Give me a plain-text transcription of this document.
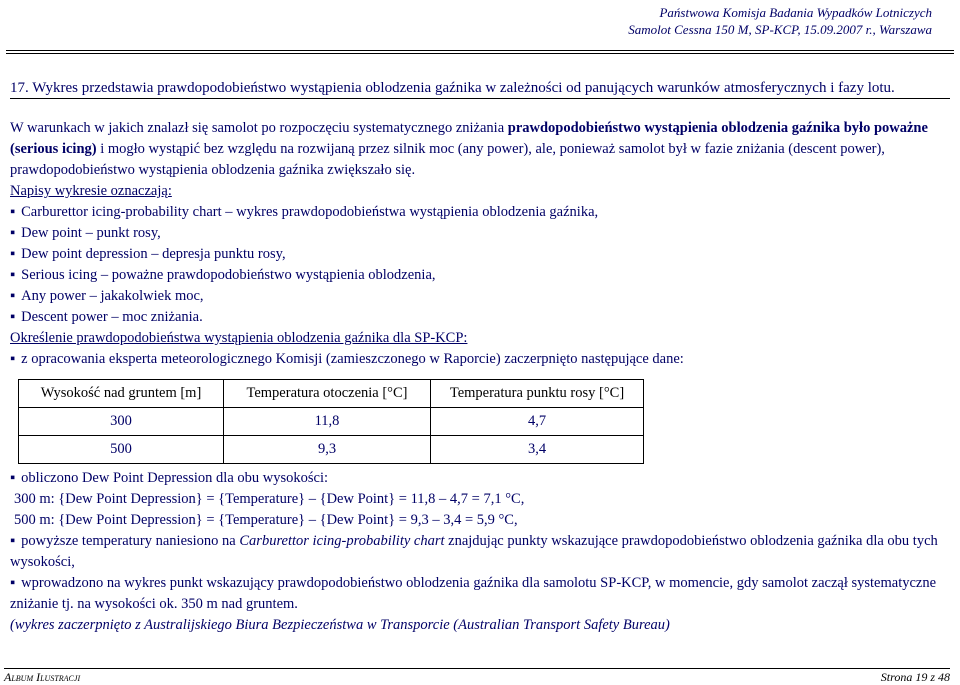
Państwowa Komisja Badania Wypadków Lotniczych
Samolot Cessna 150 M, SP-KCP, 15.09.2007 r., Warszawa
17. Wykres przedstawia prawdopodobieństwo wystąpienia oblodzenia gaźnika w zależności od panujących warunków atmosferycznych i fazy lotu.

W warunkach w jakich znalazł się samolot po rozpoczęciu systematycznego zniżania prawdopodobieństwo wystąpienia oblodzenia gaźnika było poważne (serious icing) i mogło wystąpić bez względu na rozwijaną przez silnik moc (any power), ale, ponieważ samolot był w fazie zniżania (descent power), prawdopodobieństwo wystąpienia oblodzenia gaźnika zwiększało się.

Napisy wykresie oznaczają:

▪ Carburettor icing-probability chart – wykres prawdopodobieństwa wystąpienia oblodzenia gaźnika,

▪ Dew point – punkt rosy,

▪ Dew point depression – depresja punktu rosy,

▪ Serious icing – poważne prawdopodobieństwo wystąpienia oblodzenia,

▪ Any power – jakakolwiek moc,

▪ Descent power – moc zniżania.

Określenie prawdopodobieństwa wystąpienia oblodzenia gaźnika dla SP-KCP:

▪ z opracowania eksperta meteorologicznego Komisji (zamieszczonego w Raporcie) zaczerpnięto następujące dane:

Wysokość nad gruntem [m]	Temperatura otoczenia [°C]	Temperatura punktu rosy [°C]
300	11,8	4,7
500	9,3	3,4

▪ obliczono Dew Point Depression dla obu wysokości:

300 m: {Dew Point Depression} = {Temperature} – {Dew Point} = 11,8 – 4,7 = 7,1 °C,

500 m: {Dew Point Depression} = {Temperature} – {Dew Point} = 9,3 – 3,4 = 5,9 °C,

▪ powyższe temperatury naniesiono na Carburettor icing-probability chart znajdując punkty wskazujące prawdopodobieństwo oblodzenia gaźnika dla obu tych wysokości,

▪ wprowadzono na wykres punkt wskazujący prawdopodobieństwo oblodzenia gaźnika dla samolotu SP-KCP, w momencie, gdy samolot zaczął systematyczne zniżanie tj. na wysokości ok. 350 m nad gruntem.

(wykres zaczerpnięto z Australijskiego Biura Bezpieczeństwa w Transporcie (Australian Transport Safety Bureau)

Album Ilustracji	Strona 19 z 48
